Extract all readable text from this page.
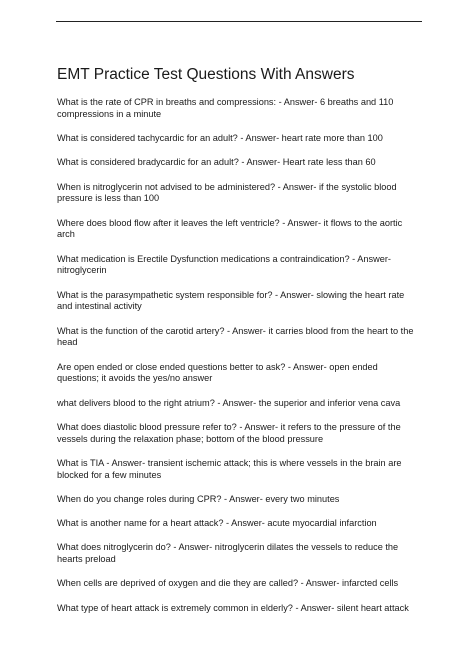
EMT Practice Test Questions With Answers
What is the rate of CPR in breaths and compressions: - Answer- 6 breaths and 110 compressions in a minute
What is considered tachycardic for an adult? - Answer- heart rate more than 100
What is considered bradycardic for an adult? - Answer- Heart rate less than 60
When is nitroglycerin not advised to be administered? - Answer- if the systolic blood pressure is less than 100
Where does blood flow after it leaves the left ventricle? - Answer- it flows to the aortic arch
What medication is Erectile Dysfunction medications a contraindication? - Answer- nitroglycerin
What is the parasympathetic system responsible for? - Answer- slowing the heart rate and intestinal activity
What is the function of the carotid artery? - Answer- it carries blood from the heart to the head
Are open ended or close ended questions better to ask? - Answer- open ended questions; it avoids the yes/no answer
what delivers blood to the right atrium? - Answer- the superior and inferior vena cava
What does diastolic blood pressure refer to? - Answer- it refers to the pressure of the vessels during the relaxation phase; bottom of the blood pressure
What is TIA - Answer- transient ischemic attack; this is where vessels in the brain are blocked for a few minutes
When do you change roles during CPR? - Answer- every two minutes
What is another name for a heart attack? - Answer- acute myocardial infarction
What does nitroglycerin do? - Answer- nitroglycerin dilates the vessels to reduce the hearts preload
When cells are deprived of oxygen and die they are called? - Answer- infarcted cells
What type of heart attack is extremely common in elderly? - Answer- silent heart attack
